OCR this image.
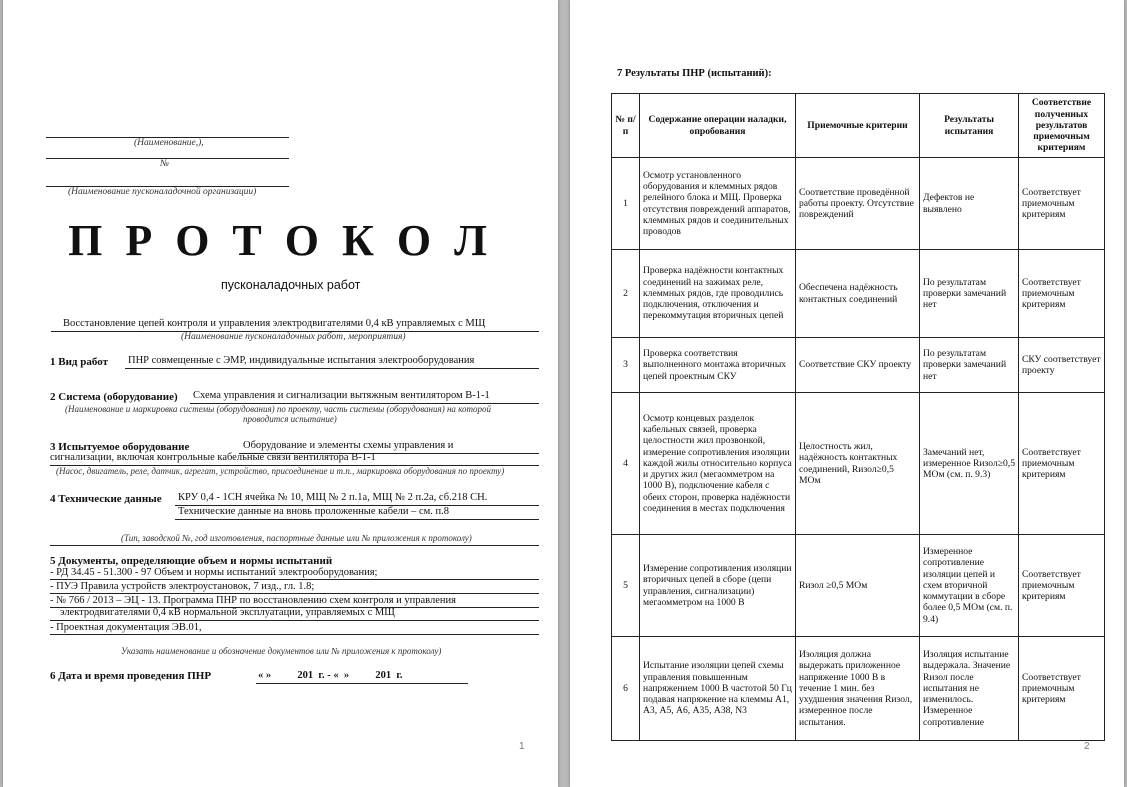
(Наименование,),
№
(Наименование пусконаладочной организации)
П Р О Т О К О Л
пусконаладочных работ
Восстановление цепей контроля и управления электродвигателями 0,4 кВ управляемых с МЩ
(Наименование пусконаладочных работ, мероприятия)
1 Вид работ ПНР совмещенные с ЭМР, индивидуальные испытания электрооборудования
2 Система (оборудование) Схема управления и сигнализации вытяжным вентилятором В-1-1
(Наименование и маркировка системы (оборудования) по проекту, часть системы (оборудования) на которой
проводится испытание)
3 Испытуемое оборудование	Оборудование и элементы схемы управления и
сигнализации, включая контрольные кабельные связи вентилятора В-1-1
(Насос, двигатель, реле, датчик, агрегат, устройство, присоединение и т.п., маркировка оборудования по проекту)
4 Технические данные КРУ 0,4 - 1СН ячейка № 10, МЩ № 2 п.1а, МЩ № 2 п.2а, сб.218 СН.
Технические данные на вновь проложенные кабели – см. п.8
(Тип, заводской №, год изготовления, паспортные данные или № приложения к протоколу)
5 Документы, определяющие объем и нормы испытаний
- РД 34.45 - 51.300 - 97 Объем и нормы испытаний электрооборудования;
- ПУЭ Правила устройств электроустановок, 7 изд., гл. 1.8;
- № 766 / 2013 – ЭЦ - 13. Программа ПНР по восстановлению схем контроля и управления
электродвигателями 0,4 кВ нормальной эксплуатации, управляемых с МЩ
- Проектная документация ЭВ.01,
Указать наименование и обозначение документов или № приложения к протоколу)
6 Дата и время проведения ПНР	« »          201  г. - «  »          201  г.
1
7 Результаты ПНР (испытаний):
№ п/п	Содержание операции наладки, опробования	Приемочные критерии	Результаты испытания	Соответствие полученных результатов приемочным критериям
1	Осмотр установленного оборудования и клеммных рядов релейного блока и МЩ. Проверка отсутствия повреждений аппаратов, клеммных рядов и соединительных проводов	Соответствие проведённой работы проекту. Отсутствие повреждений	Дефектов не выявлено	Соответствует приемочным критериям
2	Проверка надёжности контактных соединений на зажимах реле, клеммных рядов, где проводились подключения, отключения и перекоммутация вторичных цепей	Обеспечена надёжность контактных соединений	По результатам проверки замечаний нет	Соответствует приемочным критериям
3	Проверка соответствия выполненного монтажа вторичных цепей проектным СКУ	Соответствие СКУ проекту	По результатам проверки замечаний нет	СКУ соответствует проекту
4	Осмотр концевых разделок кабельных связей, проверка целостности жил прозвонкой, измерение сопротивления изоляции каждой жилы относительно корпуса и других жил (мегаомметром на 1000 В), подключение кабеля с обеих сторон, проверка надёжности соединения в местах подключения	Целостность жил, надёжность контактных соединений, Rизол≥0,5 МОм	Замечаний нет, измеренное Rизол≥0,5 МОм (см. п. 9.3)	Соответствует приемочным критериям
5	Измерение сопротивления изоляции вторичных цепей в сборе (цепи управления, сигнализации) мегаомметром на 1000 В	Rизол ≥0,5 МОм	Измеренное сопротивление изоляции цепей и схем вторичной коммутации в сборе более 0,5 МОм (см. п. 9.4)	Соответствует приемочным критериям
6	Испытание изоляции цепей схемы управления повышенным напряжением 1000 В частотой 50 Гц подавая напряжение на клеммы А1, А3, А5, А6, А35, А38, N3	Изоляция должна выдержать приложенное напряжение 1000 В в течение 1 мин. без ухудшения значения Rизол, измеренное после испытания.	Изоляция испытание выдержала. Значение Rизол после испытания не изменилось. Измеренное сопротивление	Соответствует приемочным критериям
2
